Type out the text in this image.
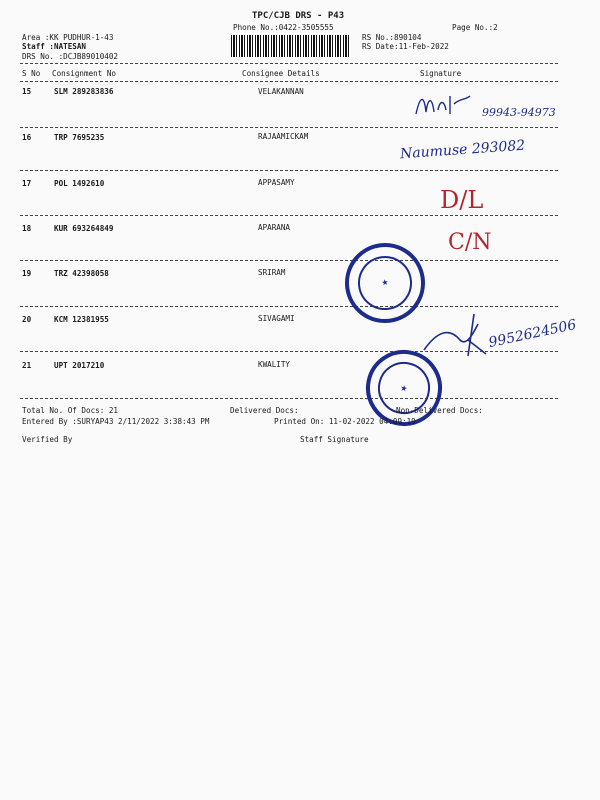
TPC/CJB DRS - P43
Phone No.:0422-3505555	Page No.:2
Area :KK PUDHUR-1-43
Staff :NATESAN
DRS No. :DCJB89010402
RS No.:890104
RS Date:11-Feb-2022
S No Consignment No	Consignee Details	Signature
15	SLM 289283836	VELAKANNAN
16	TRP 7695235	RAJAAMICKAM
17	POL 1492610	APPASAMY
18	KUR 693264849	APARANA
19	TRZ 42398058	SRIRAM
20	KCM 12381955	SIVAGAMI
21	UPT 2017210	KWALITY
99943-94973
Naumuse 293082
D/L
C/N
9952624506
★
★
Total No. Of Docs: 21	Delivered Docs:	Non-Delivered Docs:
Entered By :SURYAP43 2/11/2022 3:38:43 PM	Printed On: 11-02-2022 04:09:19
Verified By	Staff Signature
